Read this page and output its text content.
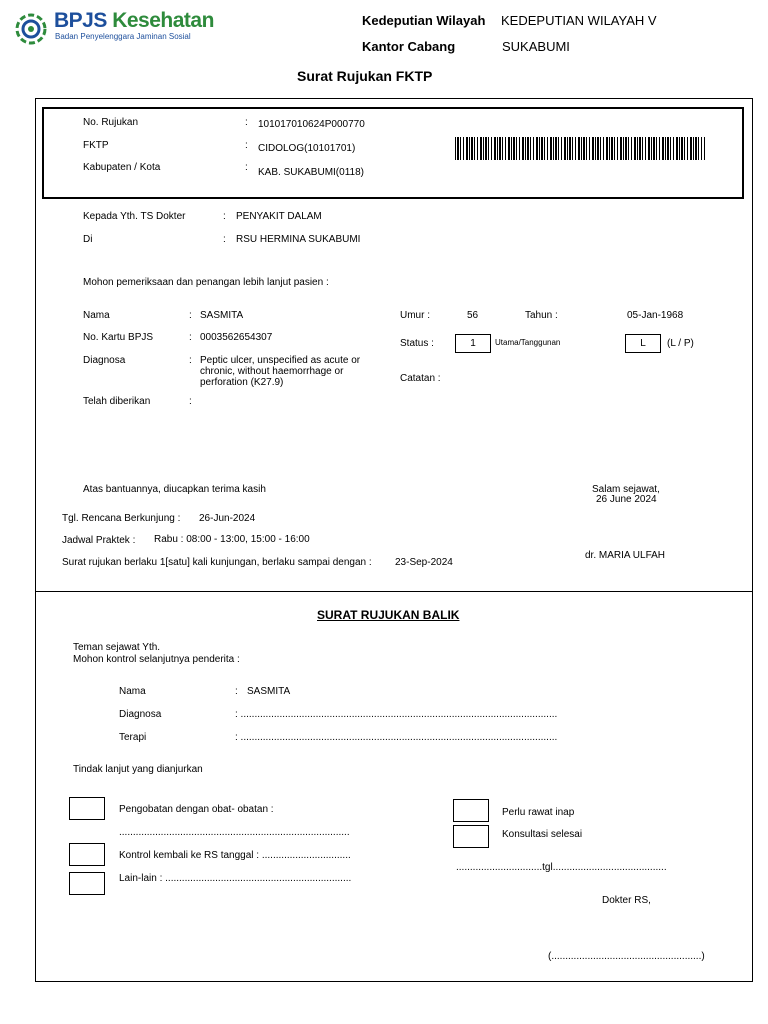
BPJS Kesehatan
Badan Penyelenggara Jaminan Sosial
Kedeputian Wilayah KEDEPUTIAN WILAYAH V
Kantor Cabang	SUKABUMI
Surat Rujukan FKTP
No. Rujukan	: 101017010624P000770
FKTP	: CIDOLOG(10101701)
Kabupaten / Kota	: KAB. SUKABUMI(0118)
Kepada Yth. TS Dokter	: PENYAKIT DALAM
Di	: RSU HERMINA SUKABUMI
Mohon pemeriksaan dan penangan lebih lanjut pasien :
Nama	: SASMITA
No. Kartu BPJS	: 0003562654307
Diagnosa	: Peptic ulcer, unspecified as acute or
chronic, without haemorrhage or
perforation (K27.9)
Telah diberikan	:
Umur :	56	Tahun :	05-Jan-1968
Status :	1	Utama/Tanggunan	L	(L / P)
Catatan :
Atas bantuannya, diucapkan terima kasih	Salam sejawat,
26 June 2024
Tgl. Rencana Berkunjung : 26-Jun-2024
Jadwal Praktek : Rabu : 08:00 - 13:00, 15:00 - 16:00
dr. MARIA ULFAH
Surat rujukan berlaku 1[satu] kali kunjungan, berlaku sampai dengan : 23-Sep-2024
SURAT RUJUKAN BALIK
Teman sejawat Yth.
Mohon kontrol selanjutnya penderita :
Nama	: SASMITA
Diagnosa	: ..................................................................................................................
Terapi	: ..................................................................................................................
Tindak lanjut yang dianjurkan
Pengobatan dengan obat- obatan :
...................................................................................
Kontrol kembali ke RS tanggal : ................................
Lain-lain : ...................................................................
Perlu rawat inap
Konsultasi selesai
...............................tgl.........................................
Dokter RS,
(......................................................)
